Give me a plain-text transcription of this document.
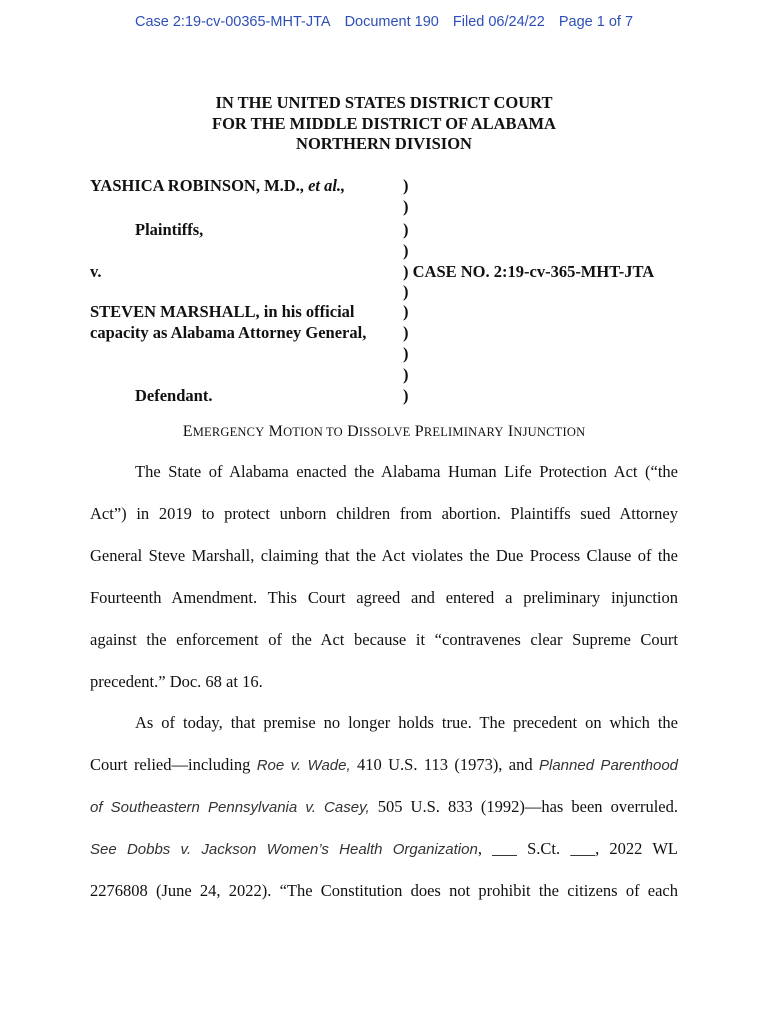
Case 2:19-cv-00365-MHT-JTA Document 190 Filed 06/24/22 Page 1 of 7
IN THE UNITED STATES DISTRICT COURT
FOR THE MIDDLE DISTRICT OF ALABAMA
NORTHERN DIVISION
YASHICA ROBINSON, M.D., et al.,
Plaintiffs,
v.
STEVEN MARSHALL, in his official
capacity as Alabama Attorney General,
Defendant.
)
)
)
)
) CASE NO. 2:19-cv-365-MHT-JTA
)
)
)
)
)
)
EMERGENCY MOTION TO DISSOLVE PRELIMINARY INJUNCTION
The State of Alabama enacted the Alabama Human Life Protection Act (“the
Act”) in 2019 to protect unborn children from abortion. Plaintiffs sued Attorney
General Steve Marshall, claiming that the Act violates the Due Process Clause of the
Fourteenth Amendment. This Court agreed and entered a preliminary injunction
against the enforcement of the Act because it “contravenes clear Supreme Court
precedent.” Doc. 68 at 16.
As of today, that premise no longer holds true. The precedent on which the
Court relied—including Roe v. Wade, 410 U.S. 113 (1973), and Planned Parenthood
of Southeastern Pennsylvania v. Casey, 505 U.S. 833 (1992)—has been overruled.
See Dobbs v. Jackson Women’s Health Organization, ___ S.Ct. ___, 2022 WL
2276808 (June 24, 2022). “The Constitution does not prohibit the citizens of each
